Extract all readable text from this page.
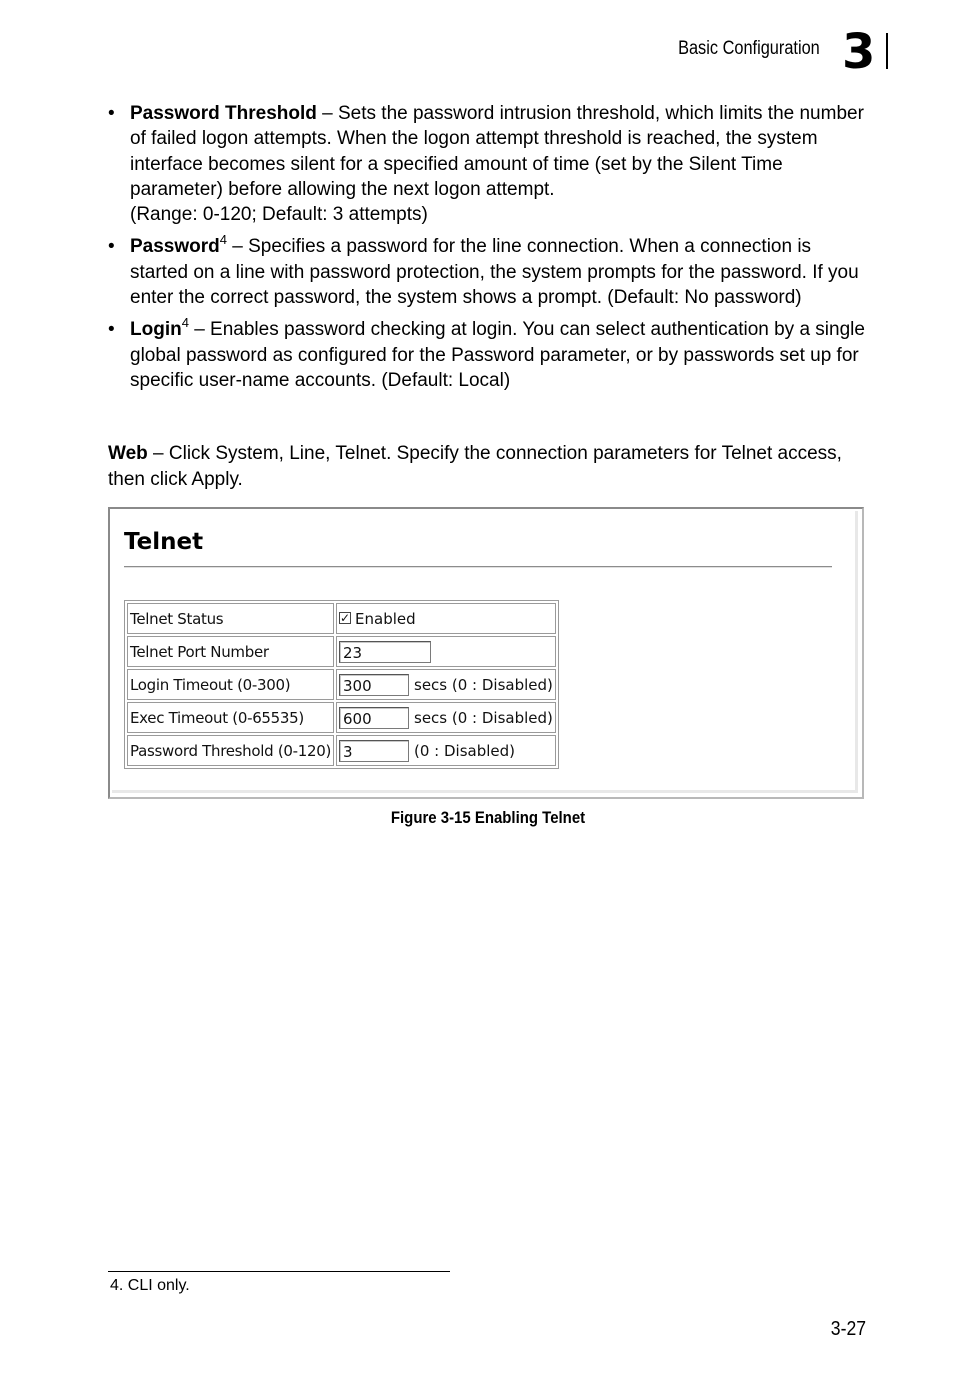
Basic Configuration 3
• Password Threshold – Sets the password intrusion threshold, which limits the number of failed logon attempts. When the logon attempt threshold is reached, the system interface becomes silent for a specified amount of time (set by the Silent Time parameter) before allowing the next logon attempt.
(Range: 0-120; Default: 3 attempts)
• Password$^4$ – Specifies a password for the line connection. When a connection is started on a line with password protection, the system prompts for the password. If you enter the correct password, the system shows a prompt. (Default: No password)
• Login$^4$ – Enables password checking at login. You can select authentication by a single global password as configured for the Password parameter, or by passwords set up for specific user-name accounts. (Default: Local)
Web – Click System, Line, Telnet. Specify the connection parameters for Telnet access, then click Apply.
Telnet
Telnet Status	✓ Enabled
Telnet Port Number	23
Login Timeout (0-300)	300 secs (0 : Disabled)
Exec Timeout (0-65535)	600 secs (0 : Disabled)
Password Threshold (0-120)	3 (0 : Disabled)
Figure 3-15 Enabling Telnet
4. CLI only.
3-27
